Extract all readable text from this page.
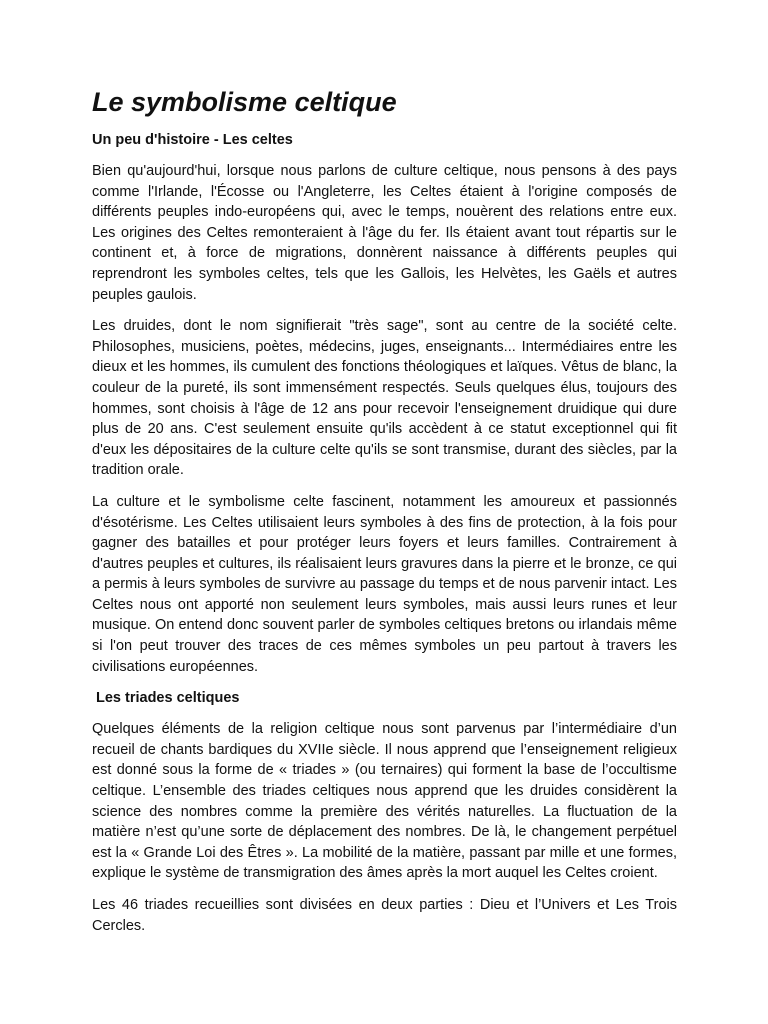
Le symbolisme celtique
Un peu d'histoire - Les celtes

Bien qu'aujourd'hui, lorsque nous parlons de culture celtique, nous pensons à des pays comme l'Irlande, l'Écosse ou l'Angleterre, les Celtes étaient à l'origine composés de différents peuples indo-européens qui, avec le temps, nouèrent des relations entre eux. Les origines des Celtes remonteraient à l'âge du fer. Ils étaient avant tout répartis sur le continent et, à force de migrations, donnèrent naissance à différents peuples qui reprendront les symboles celtes, tels que les Gallois, les Helvètes, les Gaëls et autres peuples gaulois.

Les druides, dont le nom signifierait "très sage", sont au centre de la société celte. Philosophes, musiciens, poètes, médecins, juges, enseignants... Intermédiaires entre les dieux et les hommes, ils cumulent des fonctions théologiques et laïques. Vêtus de blanc, la couleur de la pureté, ils sont immensément respectés. Seuls quelques élus, toujours des hommes, sont choisis à l'âge de 12 ans pour recevoir l'enseignement druidique qui dure plus de 20 ans. C'est seulement ensuite qu'ils accèdent à ce statut exceptionnel qui fit d'eux les dépositaires de la culture celte qu'ils se sont transmise, durant des siècles, par la tradition orale.

La culture et le symbolisme celte fascinent, notamment les amoureux et passionnés d'ésotérisme. Les Celtes utilisaient leurs symboles à des fins de protection, à la fois pour gagner des batailles et pour protéger leurs foyers et leurs familles. Contrairement à d'autres peuples et cultures, ils réalisaient leurs gravures dans la pierre et le bronze, ce qui a permis à leurs symboles de survivre au passage du temps et de nous parvenir intact. Les Celtes nous ont apporté non seulement leurs symboles, mais aussi leurs runes et leur musique. On entend donc souvent parler de symboles celtiques bretons ou irlandais même si l'on peut trouver des traces de ces mêmes symboles un peu partout à travers les civilisations européennes.

Les triades celtiques

Quelques éléments de la religion celtique nous sont parvenus par l’intermédiaire d’un recueil de chants bardiques du XVIIe siècle. Il nous apprend que l’enseignement religieux est donné sous la forme de « triades » (ou ternaires) qui forment la base de l’occultisme celtique. L’ensemble des triades celtiques nous apprend que les druides considèrent la science des nombres comme la première des vérités naturelles. La fluctuation de la matière n’est qu’une sorte de déplacement des nombres. De là, le changement perpétuel est la « Grande Loi des Êtres ». La mobilité de la matière, passant par mille et une formes, explique le système de transmigration des âmes après la mort auquel les Celtes croient.

Les 46 triades recueillies sont divisées en deux parties : Dieu et l’Univers et Les Trois Cercles.
